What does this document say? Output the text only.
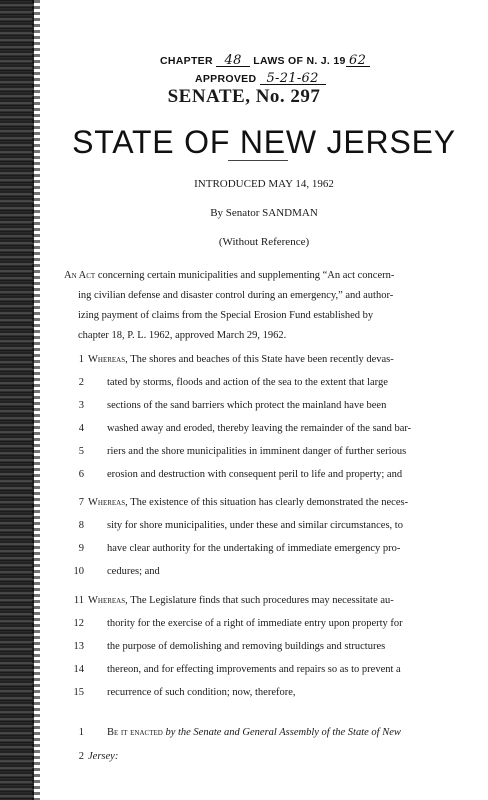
CHAPTER 48 LAWS OF N. J. 19 62
APPROVED 5-21-62
SENATE, No. 297
STATE OF NEW JERSEY
INTRODUCED MAY 14, 1962
By Senator SANDMAN
(Without Reference)
An Act concerning certain municipalities and supplementing “An act concern-
ing civilian defense and disaster control during an emergency,” and author-
izing payment of claims from the Special Erosion Fund established by
chapter 18, P. L. 1962, approved March 29, 1962.
1 Whereas, The shores and beaches of this State have been recently devas-
2 tated by storms, floods and action of the sea to the extent that large
3 sections of the sand barriers which protect the mainland have been
4 washed away and eroded, thereby leaving the remainder of the sand bar-
5 riers and the shore municipalities in imminent danger of further serious
6 erosion and destruction with consequent peril to life and property; and
7 Whereas, The existence of this situation has clearly demonstrated the neces-
8 sity for shore municipalities, under these and similar circumstances, to
9 have clear authority for the undertaking of immediate emergency pro-
10 cedures; and
11 Whereas, The Legislature finds that such procedures may necessitate au-
12 thority for the exercise of a right of immediate entry upon property for
13 the purpose of demolishing and removing buildings and structures
14 thereon, and for effecting improvements and repairs so as to prevent a
15 recurrence of such condition; now, therefore,
1 Be it enacted by the Senate and General Assembly of the State of New
2 Jersey:
